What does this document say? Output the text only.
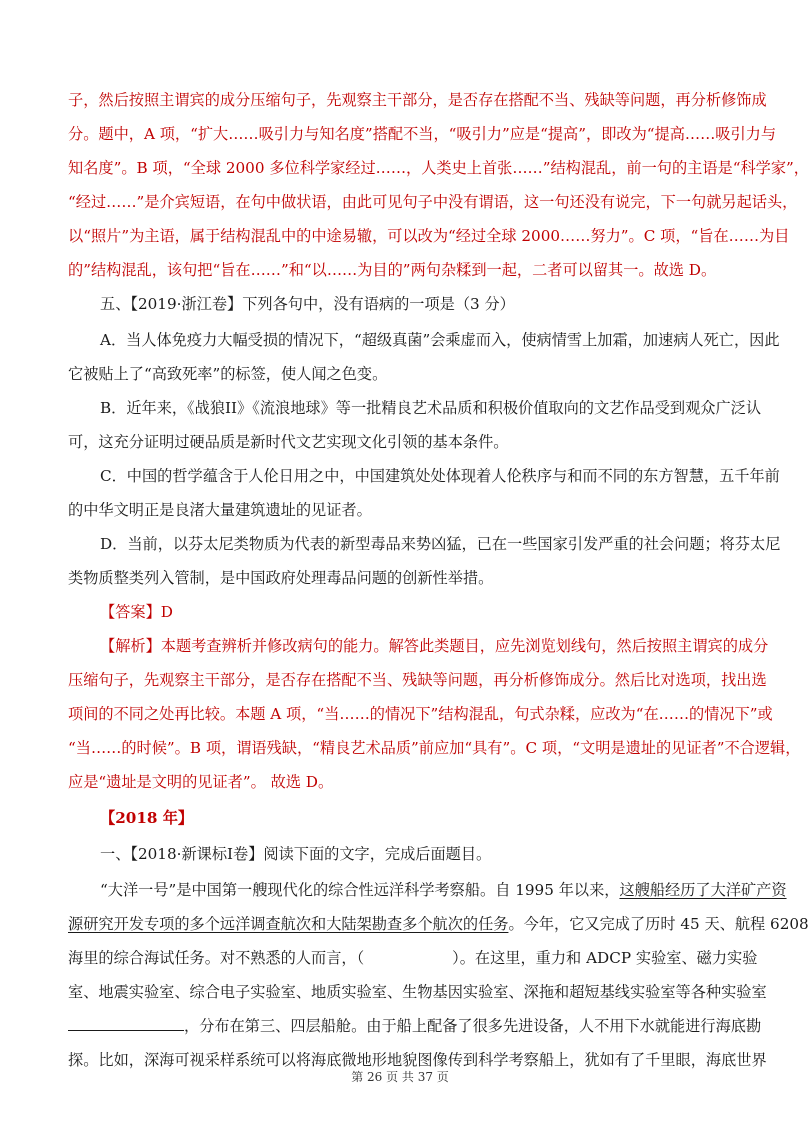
子，然后按照主谓宾的成分压缩句子，先观察主干部分，是否存在搭配不当、残缺等问题，再分析修饰成
分。题中，A 项，“扩大……吸引力与知名度”搭配不当，“吸引力”应是“提高”，即改为“提高……吸引力与
知名度”。B 项，“全球 2000 多位科学家经过……，人类史上首张……”结构混乱，前一句的主语是“科学家”，
“经过……”是介宾短语，在句中做状语，由此可见句子中没有谓语，这一句还没有说完，下一句就另起话头，
以“照片”为主语，属于结构混乱中的中途易辙，可以改为“经过全球 2000……努力”。C 项，“旨在……为目
的”结构混乱，该句把“旨在……”和“以……为目的”两句杂糅到一起，二者可以留其一。故选 D。
五、【2019·浙江卷】下列各句中，没有语病的一项是（3 分）
A．当人体免疫力大幅受损的情况下，“超级真菌”会乘虚而入，使病情雪上加霜，加速病人死亡，因此
它被贴上了“高致死率”的标签，使人闻之色变。
B．近年来，《战狼II》《流浪地球》等一批精良艺术品质和积极价值取向的文艺作品受到观众广泛认
可，这充分证明过硬品质是新时代文艺实现文化引领的基本条件。
C．中国的哲学蕴含于人伦日用之中，中国建筑处处体现着人伦秩序与和而不同的东方智慧，五千年前
的中华文明正是良渚大量建筑遗址的见证者。
D．当前，以芬太尼类物质为代表的新型毒品来势凶猛，已在一些国家引发严重的社会问题；将芬太尼
类物质整类列入管制，是中国政府处理毒品问题的创新性举措。
【答案】D
【解析】本题考查辨析并修改病句的能力。解答此类题目，应先浏览划线句，然后按照主谓宾的成分
压缩句子，先观察主干部分，是否存在搭配不当、残缺等问题，再分析修饰成分。然后比对选项，找出选
项间的不同之处再比较。本题 A 项，“当……的情况下”结构混乱，句式杂糅，应改为“在……的情况下”或
“当……的时候”。B 项，谓语残缺，“精良艺术品质”前应加“具有”。C 项，“文明是遗址的见证者”不合逻辑，
应是“遗址是文明的见证者”。 故选 D。
【2018 年】
一、【2018·新课标I卷】阅读下面的文字，完成后面题目。
“大洋一号”是中国第一艘现代化的综合性远洋科学考察船。自 1995 年以来，这艘船经历了大洋矿产资
源研究开发专项的多个远洋调查航次和大陆架勘查多个航次的任务。今年，它又完成了历时 45 天、航程 6208
海里的综合海试任务。对不熟悉的人而言，（	）。在这里，重力和 ADCP 实验室、磁力实验
室、地震实验室、综合电子实验室、地质实验室、生物基因实验室、深拖和超短基线实验室等各种实验室
，分布在第三、四层船舱。由于船上配备了很多先进设备，人不用下水就能进行海底勘
探。比如，深海可视采样系统可以将海底微地形地貌图像传到科学考察船上，犹如有了千里眼，海底世界
第 26 页 共 37 页
